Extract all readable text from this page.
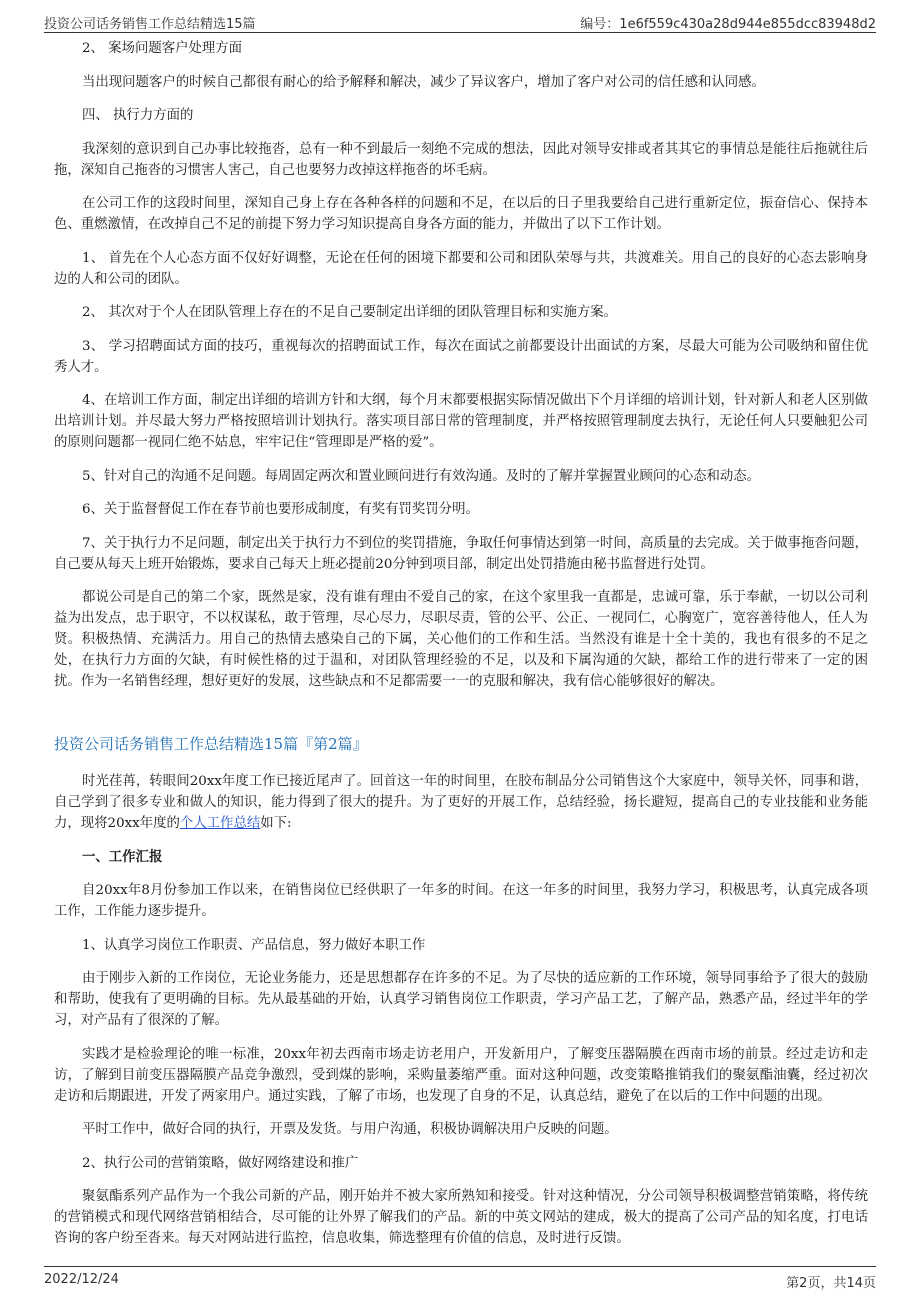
投资公司话务销售工作总结精选15篇	编号：1e6f559c430a28d944e855dcc83948d2

2、 案场问题客户处理方面

当出现问题客户的时候自己都很有耐心的给予解释和解决，减少了异议客户，增加了客户对公司的信任感和认同感。

四、 执行力方面的

我深刻的意识到自己办事比较拖沓，总有一种不到最后一刻绝不完成的想法，因此对领导安排或者其其它的事情总是能往后拖就往后拖，深知自己拖沓的习惯害人害己，自己也要努力改掉这样拖沓的坏毛病。

在公司工作的这段时间里，深知自己身上存在各种各样的问题和不足，在以后的日子里我要给自己进行重新定位，振奋信心、保持本色、重燃激情，在改掉自己不足的前提下努力学习知识提高自身各方面的能力，并做出了以下工作计划。

1、 首先在个人心态方面不仅好好调整，无论在任何的困境下都要和公司和团队荣辱与共，共渡难关。用自己的良好的心态去影响身边的人和公司的团队。

2、 其次对于个人在团队管理上存在的不足自己要制定出详细的团队管理目标和实施方案。

3、 学习招聘面试方面的技巧，重视每次的招聘面试工作，每次在面试之前都要设计出面试的方案，尽最大可能为公司吸纳和留住优秀人才。

4、在培训工作方面，制定出详细的培训方针和大纲，每个月末都要根据实际情况做出下个月详细的培训计划，针对新人和老人区别做出培训计划。并尽最大努力严格按照培训计划执行。落实项目部日常的管理制度，并严格按照管理制度去执行，无论任何人只要触犯公司的原则问题都一视同仁绝不姑息，牢牢记住“管理即是严格的爱”。

5、针对自己的沟通不足问题。每周固定两次和置业顾问进行有效沟通。及时的了解并掌握置业顾问的心态和动态。

6、关于监督督促工作在春节前也要形成制度，有奖有罚奖罚分明。

7、关于执行力不足问题，制定出关于执行力不到位的奖罚措施，争取任何事情达到第一时间，高质量的去完成。关于做事拖沓问题，自己要从每天上班开始锻炼，要求自己每天上班必提前20分钟到项目部，制定出处罚措施由秘书监督进行处罚。

都说公司是自己的第二个家，既然是家，没有谁有理由不爱自己的家，在这个家里我一直都是，忠诚可靠，乐于奉献，一切以公司利益为出发点，忠于职守，不以权谋私，敢于管理，尽心尽力，尽职尽责，管的公平、公正、一视同仁，心胸宽广，宽容善待他人，任人为贤。积极热情、充满活力。用自己的热情去感染自己的下属，关心他们的工作和生活。当然没有谁是十全十美的，我也有很多的不足之处，在执行力方面的欠缺，有时候性格的过于温和，对团队管理经验的不足，以及和下属沟通的欠缺，都给工作的进行带来了一定的困扰。作为一名销售经理，想好更好的发展，这些缺点和不足都需要一一的克服和解决，我有信心能够很好的解决。

投资公司话务销售工作总结精选15篇『第2篇』

时光荏苒，转眼间20xx年度工作已接近尾声了。回首这一年的时间里，在胶布制品分公司销售这个大家庭中，领导关怀，同事和谐，自己学到了很多专业和做人的知识，能力得到了很大的提升。为了更好的开展工作，总结经验，扬长避短，提高自己的专业技能和业务能力，现将20xx年度的个人工作总结如下:

一、工作汇报

自20xx年8月份参加工作以来，在销售岗位已经供职了一年多的时间。在这一年多的时间里，我努力学习，积极思考，认真完成各项工作，工作能力逐步提升。

1、认真学习岗位工作职责、产品信息，努力做好本职工作

由于刚步入新的工作岗位，无论业务能力，还是思想都存在许多的不足。为了尽快的适应新的工作环境，领导同事给予了很大的鼓励和帮助，使我有了更明确的目标。先从最基础的开始，认真学习销售岗位工作职责，学习产品工艺，了解产品，熟悉产品，经过半年的学习，对产品有了很深的了解。

实践才是检验理论的唯一标准，20xx年初去西南市场走访老用户，开发新用户，了解变压器隔膜在西南市场的前景。经过走访和走访，了解到目前变压器隔膜产品竞争激烈，受到煤的影响，采购量萎缩严重。面对这种问题，改变策略推销我们的聚氨酯油囊，经过初次走访和后期跟进，开发了两家用户。通过实践，了解了市场，也发现了自身的不足，认真总结，避免了在以后的工作中问题的出现。

平时工作中，做好合同的执行，开票及发货。与用户沟通，积极协调解决用户反映的问题。

2、执行公司的营销策略，做好网络建设和推广

聚氨酯系列产品作为一个我公司新的产品，刚开始并不被大家所熟知和接受。针对这种情况，分公司领导积极调整营销策略，将传统的营销模式和现代网络营销相结合，尽可能的让外界了解我们的产品。新的中英文网站的建成，极大的提高了公司产品的知名度，打电话咨询的客户纷至沓来。每天对网站进行监控，信息收集，筛选整理有价值的信息，及时进行反馈。

2022/12/24	第2页，共14页
